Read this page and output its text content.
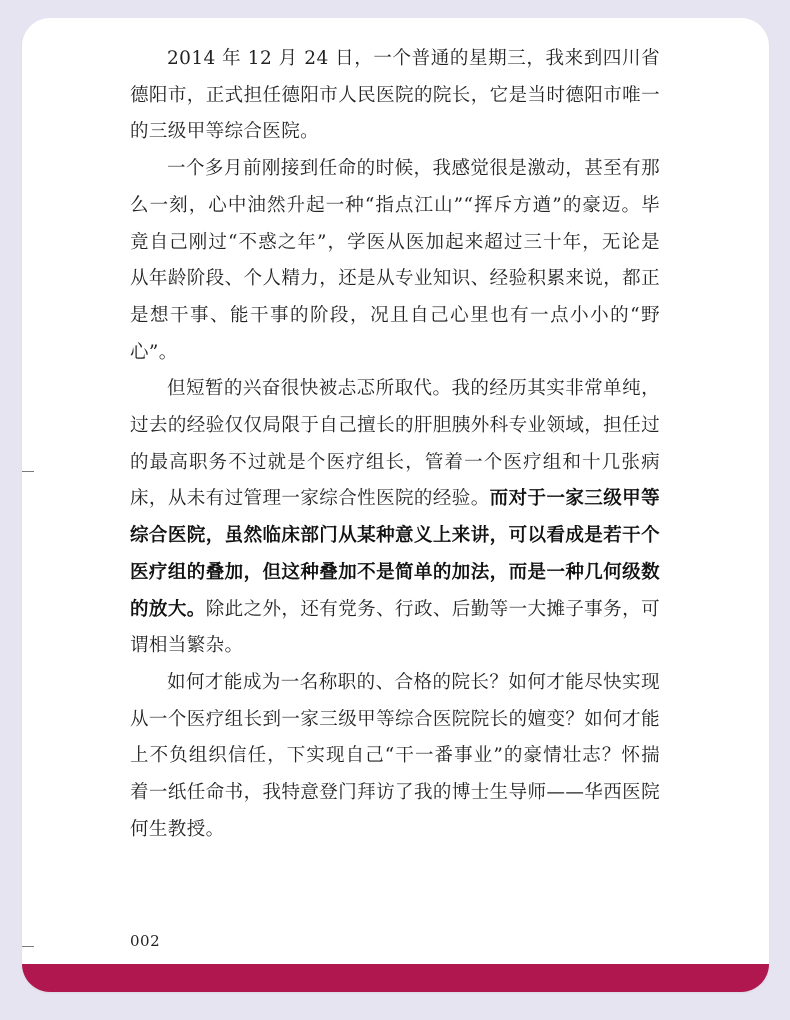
2014 年 12 月 24 日，一个普通的星期三，我来到四川省德阳市，正式担任德阳市人民医院的院长，它是当时德阳市唯一的三级甲等综合医院。

一个多月前刚接到任命的时候，我感觉很是激动，甚至有那么一刻，心中油然升起一种“指点江山”“挥斥方遒”的豪迈。毕竟自己刚过“不惑之年”，学医从医加起来超过三十年，无论是从年龄阶段、个人精力，还是从专业知识、经验积累来说，都正是想干事、能干事的阶段，况且自己心里也有一点小小的“野心”。

但短暂的兴奋很快被忐忑所取代。我的经历其实非常单纯，过去的经验仅仅局限于自己擅长的肝胆胰外科专业领域，担任过的最高职务不过就是个医疗组长，管着一个医疗组和十几张病床，从未有过管理一家综合性医院的经验。而对于一家三级甲等综合医院，虽然临床部门从某种意义上来讲，可以看成是若干个医疗组的叠加，但这种叠加不是简单的加法，而是一种几何级数的放大。除此之外，还有党务、行政、后勤等一大摊子事务，可谓相当繁杂。

如何才能成为一名称职的、合格的院长？如何才能尽快实现从一个医疗组长到一家三级甲等综合医院院长的嬗变？如何才能上不负组织信任，下实现自己“干一番事业”的豪情壮志？怀揣着一纸任命书，我特意登门拜访了我的博士生导师——华西医院何生教授。

002
